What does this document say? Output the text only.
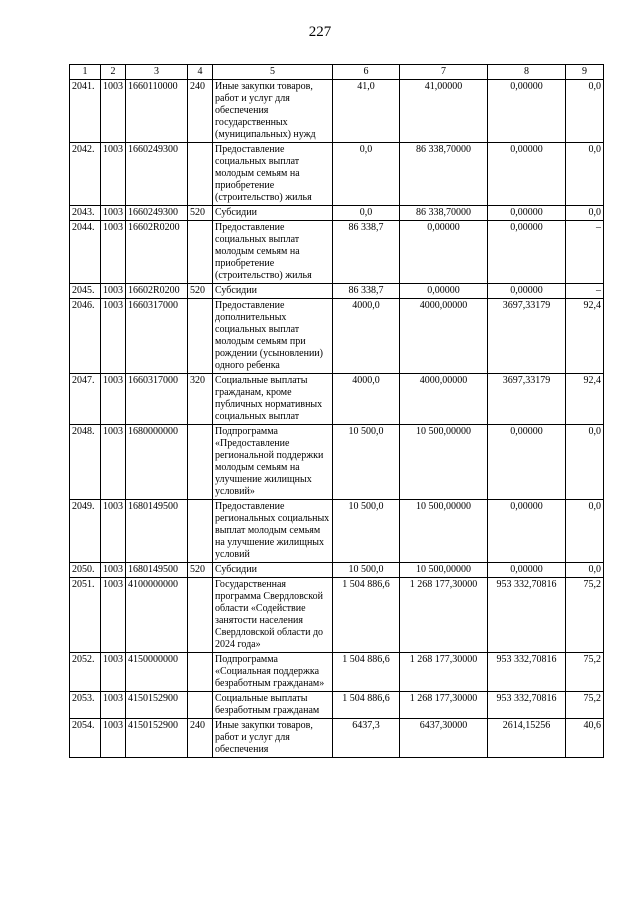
227
1	2	3	4	5	6	7	8	9
2041.	1003	1660110000	240	Иные закупки товаров, работ и услуг для обеспечения государственных (муниципальных) нужд	41,0	41,00000	0,00000	0,0
2042.	1003	1660249300		Предоставление социальных выплат молодым семьям на приобретение (строительство) жилья	0,0	86 338,70000	0,00000	0,0
2043.	1003	1660249300	520	Субсидии	0,0	86 338,70000	0,00000	0,0
2044.	1003	16602R0200		Предоставление социальных выплат молодым семьям на приобретение (строительство) жилья	86 338,7	0,00000	0,00000	–
2045.	1003	16602R0200	520	Субсидии	86 338,7	0,00000	0,00000	–
2046.	1003	1660317000		Предоставление дополнительных социальных выплат молодым семьям при рождении (усыновлении) одного ребенка	4000,0	4000,00000	3697,33179	92,4
2047.	1003	1660317000	320	Социальные выплаты гражданам, кроме публичных нормативных социальных выплат	4000,0	4000,00000	3697,33179	92,4
2048.	1003	1680000000		Подпрограмма «Предоставление региональной поддержки молодым семьям на улучшение жилищных условий»	10 500,0	10 500,00000	0,00000	0,0
2049.	1003	1680149500		Предоставление региональных социальных выплат молодым семьям на улучшение жилищных условий	10 500,0	10 500,00000	0,00000	0,0
2050.	1003	1680149500	520	Субсидии	10 500,0	10 500,00000	0,00000	0,0
2051.	1003	4100000000		Государственная программа Свердловской области «Содействие занятости населения Свердловской области до 2024 года»	1 504 886,6	1 268 177,30000	953 332,70816	75,2
2052.	1003	4150000000		Подпрограмма «Социальная поддержка безработным гражданам»	1 504 886,6	1 268 177,30000	953 332,70816	75,2
2053.	1003	4150152900		Социальные выплаты безработным гражданам	1 504 886,6	1 268 177,30000	953 332,70816	75,2
2054.	1003	4150152900	240	Иные закупки товаров, работ и услуг для обеспечения	6437,3	6437,30000	2614,15256	40,6
